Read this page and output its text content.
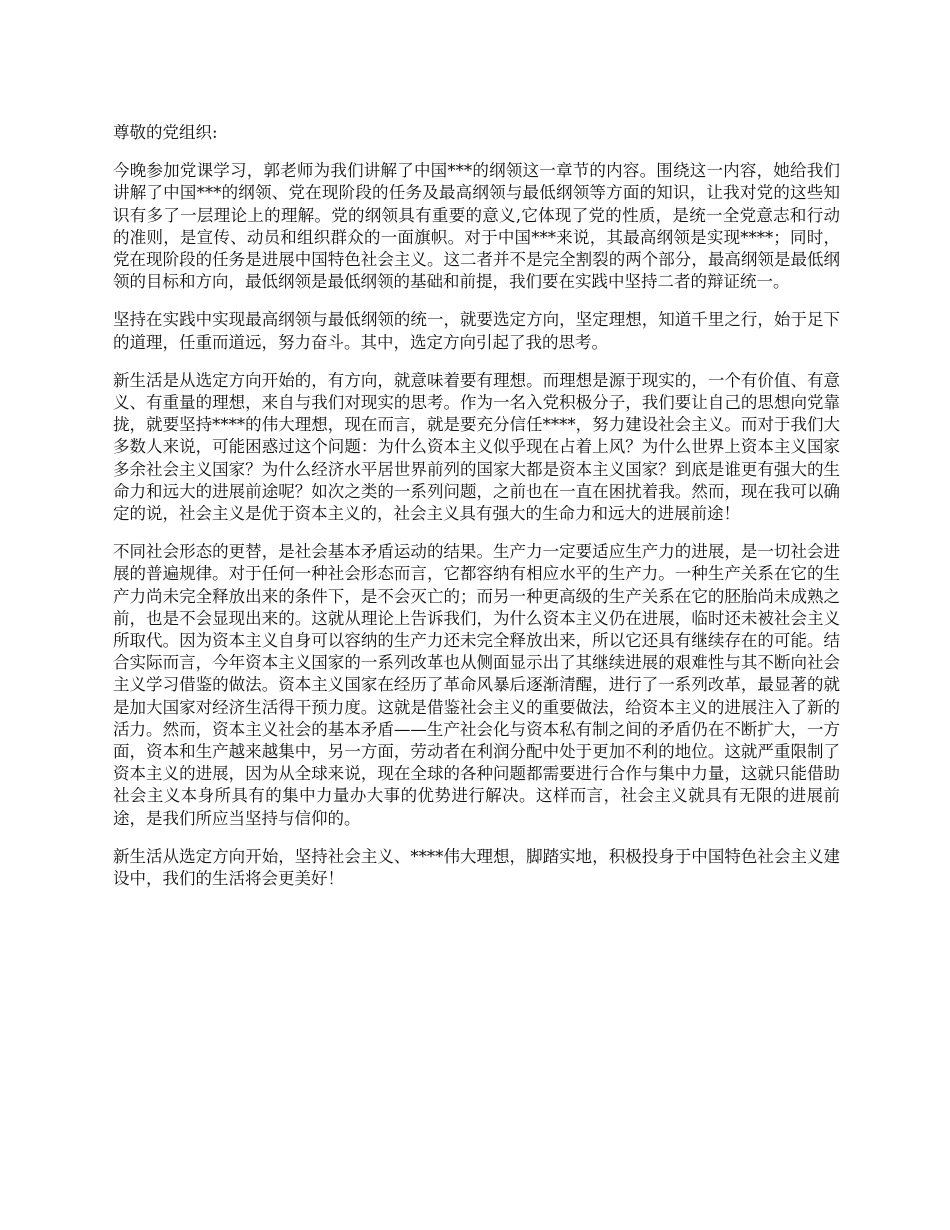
尊敬的党组织:

今晚参加党课学习，郭老师为我们讲解了中国***的纲领这一章节的内容。围绕这一内容，她给我们讲解了中国***的纲领、党在现阶段的任务及最高纲领与最低纲领等方面的知识，让我对党的这些知识有多了一层理论上的理解。党的纲领具有重要的意义,它体现了党的性质，是统一全党意志和行动的准则，是宣传、动员和组织群众的一面旗帜。对于中国***来说，其最高纲领是实现****；同时，党在现阶段的任务是进展中国特色社会主义。这二者并不是完全割裂的两个部分，最高纲领是最低纲领的目标和方向，最低纲领是最低纲领的基础和前提，我们要在实践中坚持二者的辩证统一。

坚持在实践中实现最高纲领与最低纲领的统一，就要选定方向，坚定理想，知道千里之行，始于足下的道理，任重而道远，努力奋斗。其中，选定方向引起了我的思考。

新生活是从选定方向开始的，有方向，就意味着要有理想。而理想是源于现实的，一个有价值、有意义、有重量的理想，来自与我们对现实的思考。作为一名入党积极分子，我们要让自己的思想向党靠拢，就要坚持****的伟大理想，现在而言，就是要充分信任****，努力建设社会主义。而对于我们大多数人来说，可能困惑过这个问题：为什么资本主义似乎现在占着上风？为什么世界上资本主义国家多余社会主义国家？为什么经济水平居世界前列的国家大都是资本主义国家？到底是谁更有强大的生命力和远大的进展前途呢？如次之类的一系列问题，之前也在一直在困扰着我。然而，现在我可以确定的说，社会主义是优于资本主义的，社会主义具有强大的生命力和远大的进展前途！

不同社会形态的更替，是社会基本矛盾运动的结果。生产力一定要适应生产力的进展，是一切社会进展的普遍规律。对于任何一种社会形态而言，它都容纳有相应水平的生产力。一种生产关系在它的生产力尚未完全释放出来的条件下，是不会灭亡的；而另一种更高级的生产关系在它的胚胎尚未成熟之前，也是不会显现出来的。这就从理论上告诉我们，为什么资本主义仍在进展，临时还未被社会主义所取代。因为资本主义自身可以容纳的生产力还未完全释放出来，所以它还具有继续存在的可能。结合实际而言，今年资本主义国家的一系列改革也从侧面显示出了其继续进展的艰难性与其不断向社会主义学习借鉴的做法。资本主义国家在经历了革命风暴后逐渐清醒，进行了一系列改革，最显著的就是加大国家对经济生活得干预力度。这就是借鉴社会主义的重要做法，给资本主义的进展注入了新的活力。然而，资本主义社会的基本矛盾——生产社会化与资本私有制之间的矛盾仍在不断扩大，一方面，资本和生产越来越集中，另一方面，劳动者在利润分配中处于更加不利的地位。这就严重限制了资本主义的进展，因为从全球来说，现在全球的各种问题都需要进行合作与集中力量，这就只能借助社会主义本身所具有的集中力量办大事的优势进行解决。这样而言，社会主义就具有无限的进展前途，是我们所应当坚持与信仰的。

新生活从选定方向开始，坚持社会主义、****伟大理想，脚踏实地，积极投身于中国特色社会主义建设中，我们的生活将会更美好！
